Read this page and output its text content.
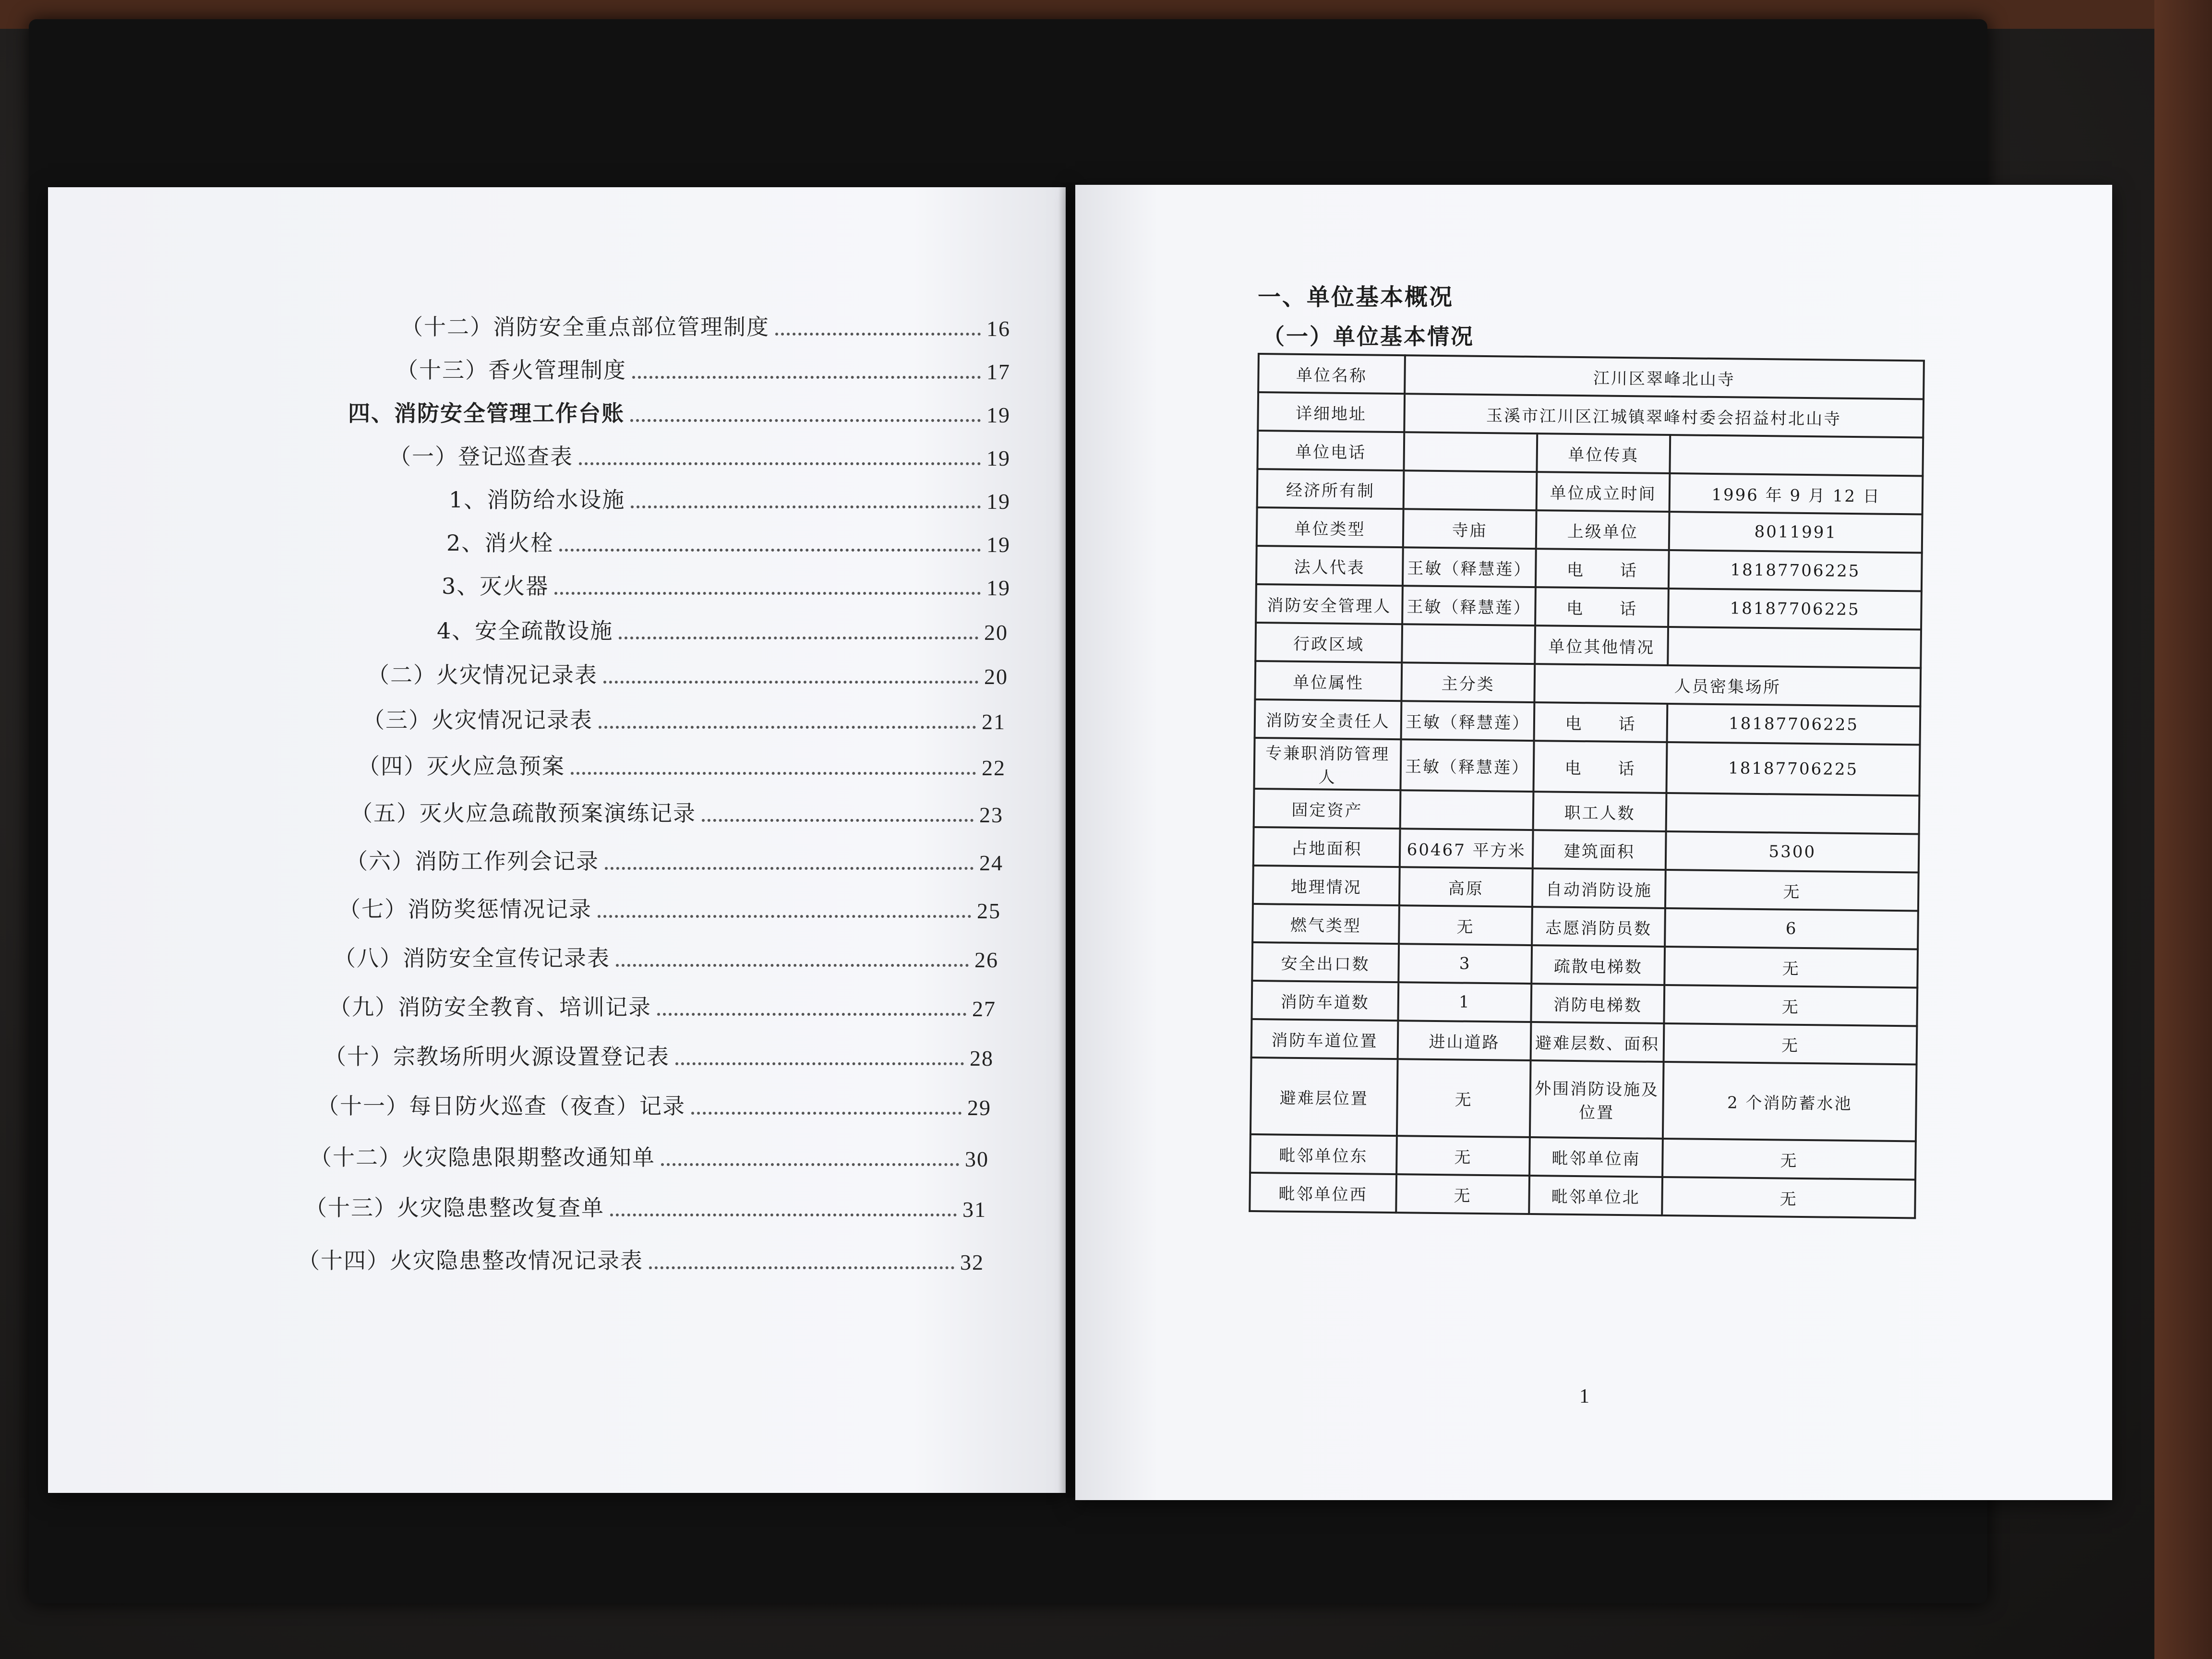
（十二）消防安全重点部位管理制度	16
（十三）香火管理制度	17
四、消防安全管理工作台账	19
（一）登记巡查表	19
1、消防给水设施	19
2、消火栓	19
3、灭火器	19
4、安全疏散设施	20
（二）火灾情况记录表	20
（三）火灾情况记录表	21
（四）灭火应急预案	22
（五）灭火应急疏散预案演练记录	23
（六）消防工作列会记录	24
（七）消防奖惩情况记录	25
（八）消防安全宣传记录表	26
（九）消防安全教育、培训记录	27
（十）宗教场所明火源设置登记表	28
（十一）每日防火巡查（夜查）记录	29
（十二）火灾隐患限期整改通知单	30
（十三）火灾隐患整改复查单	31
（十四）火灾隐患整改情况记录表	32
一、单位基本概况
（一）单位基本情况
单位名称	江川区翠峰北山寺		
详细地址	玉溪市江川区江城镇翠峰村委会招益村北山寺		
单位电话		单位传真	
经济所有制		单位成立时间	1996 年 9 月 12 日
单位类型	寺庙	上级单位	8011991
法人代表	王敏（释慧莲）	电　　话	18187706225
消防安全管理人	王敏（释慧莲）	电　　话	18187706225
行政区域		单位其他情况	
单位属性	主分类	人员密集场所	
消防安全责任人	王敏（释慧莲）	电　　话	18187706225
专兼职消防管理人	王敏（释慧莲）	电　　话	18187706225
固定资产		职工人数	
占地面积	60467 平方米	建筑面积	5300
地理情况	高原	自动消防设施	无
燃气类型	无	志愿消防员数	6
安全出口数	3	疏散电梯数	无
消防车道数	1	消防电梯数	无
消防车道位置	进山道路	避难层数、面积	无
避难层位置	无	外围消防设施及位置	2 个消防蓄水池
毗邻单位东	无	毗邻单位南	无
毗邻单位西	无	毗邻单位北	无
1
